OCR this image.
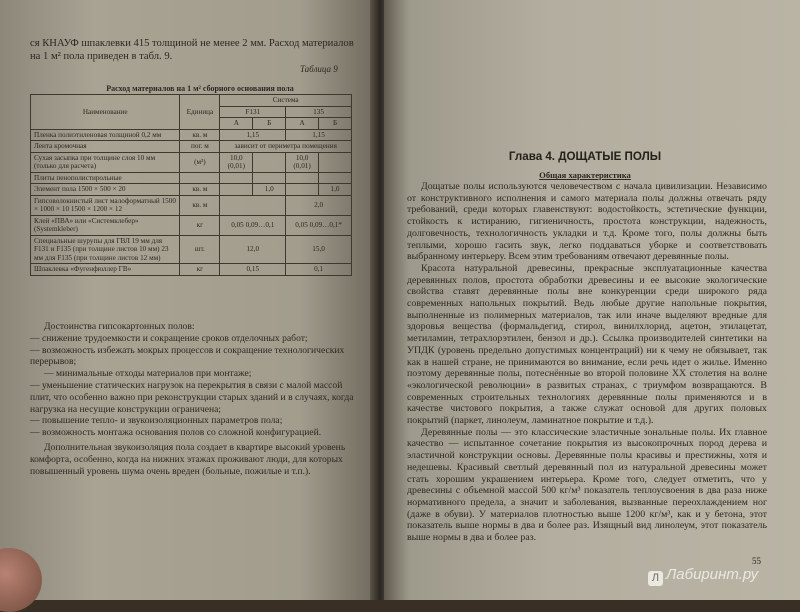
ся КНАУФ шпаклевки 415 толщиной не менее 2 мм. Расход материалов на 1 м² пола приведен в табл. 9.
Таблица 9
Расход материалов на 1 м² сборного основания пола
Наименование	Единица	Система			
		F131		135	
		А	Б	А	Б
Пленка полиэтиленовая толщиной 0,2 мм	кв. м	1,15		1,15	
Лента кромочная	пог. м	зависит от периметра помещения			
Сухая засыпка при толщине слоя 10 мм (только для расчета)	(м³)	10,0 (0,01)		10,0 (0,01)	
Плиты пенополистирольные					
Элемент пола 1500 × 500 × 20	кв. м		1,0		1,0
Гипсоволокнистый лист малоформатный 1500 × 1000 × 10 1500 × 1200 × 12	кв. м			2,0	
Клей «ПВА» или «Системклебер» (Systemkleber)	кг	0,05 0,09…0,1		0,05 0,09…0,1*	
Специальные шурупы для ГВЛ 19 мм для F131 и F135 (при толщине листов 10 мм) 23 мм для F135 (при толщине листов 12 мм)	шт.	12,0		15,0	
Шпаклевка «Фугенфюллер ГВ»	кг	0,15		0,1	

Достоинства гипсокартонных полов:

— снижение трудоемкости и сокращение сроков отделочных работ;

— возможность избежать мокрых процессов и сокращение технологических перерывов;

— минимальные отходы материалов при монтаже;

— уменьшение статических нагрузок на перекрытия в связи с малой массой плит, что особенно важно при реконструкции старых зданий и в случаях, когда нагрузка на несущие конструкции ограничена;

— повышение тепло- и звукоизоляционных параметров пола;

— возможность монтажа основания полов со сложной конфигурацией.

Дополнительная звукоизоляция пола создает в квартире высокий уровень комфорта, особенно, когда на нижних этажах проживают люди, для которых повышенный уровень шума очень вреден (больные, пожилые и т.п.).

Глава 4. ДОЩАТЫЕ ПОЛЫ
Общая характеристика

Дощатые полы используются человечеством с начала цивилизации. Независимо от конструктивного исполнения и самого материала полы должны отвечать ряду требований, среди которых главенствуют: водостойкость, эстетические функции, стойкость к истиранию, гигиеничность, простота конструкции, надежность, долговечность, технологичность укладки и т.д. Кроме того, полы должны быть теплыми, хорошо гасить звук, легко поддаваться уборке и соответствовать выбранному интерьеру. Всем этим требованиям отвечают деревянные полы.

Красота натуральной древесины, прекрасные эксплуатационные качества деревянных полов, простота обработки древесины и ее высокие экологические свойства ставят деревянные полы вне конкуренции среди широкого ряда современных напольных покрытий. Ведь любые другие напольные покрытия, выполненные из полимерных материалов, так или иначе выделяют вредные для здоровья вещества (формальдегид, стирол, винилхлорид, ацетон, этилацетат, метиламин, тетрахлорэтилен, бензол и др.). Ссылка производителей синтетики на УПДК (уровень предельно допустимых концентраций) ни к чему не обязывает, так как в нашей стране, не принимаются во внимание, если речь идет о жилье. Именно поэтому деревянные полы, потеснённые во второй половине XX столетия на волне «экологической революции» в развитых странах, с триумфом возвращаются. В современных строительных технологиях деревянные полы применяются и в качестве чистового покрытия, а также служат основой для других половых покрытий (паркет, линолеум, ламинатное покрытие и т.д.).

Деревянные полы — это классические эластичные зональные полы. Их главное качество — испытанное сочетание покрытия из высокопрочных пород дерева и эластичной конструкции основы. Деревянные полы красивы и престижны, хотя и недешевы. Красивый светлый деревянный пол из натуральной древесины может стать хорошим украшением интерьера. Кроме того, следует отметить, что у древесины с объемной массой 500 кг/м³ показатель теплоусвоения в два раза ниже нормативного предела, а значит и заболевания, вызванные переохлаждением ног (даже в обуви). У материалов плотностью выше 1200 кг/м³, как и у бетона, этот показатель выше нормы в два и более раз. Изящный вид линолеум, этот показатель выше нормы в два и более раз.

55
Л Лабиринт.ру
